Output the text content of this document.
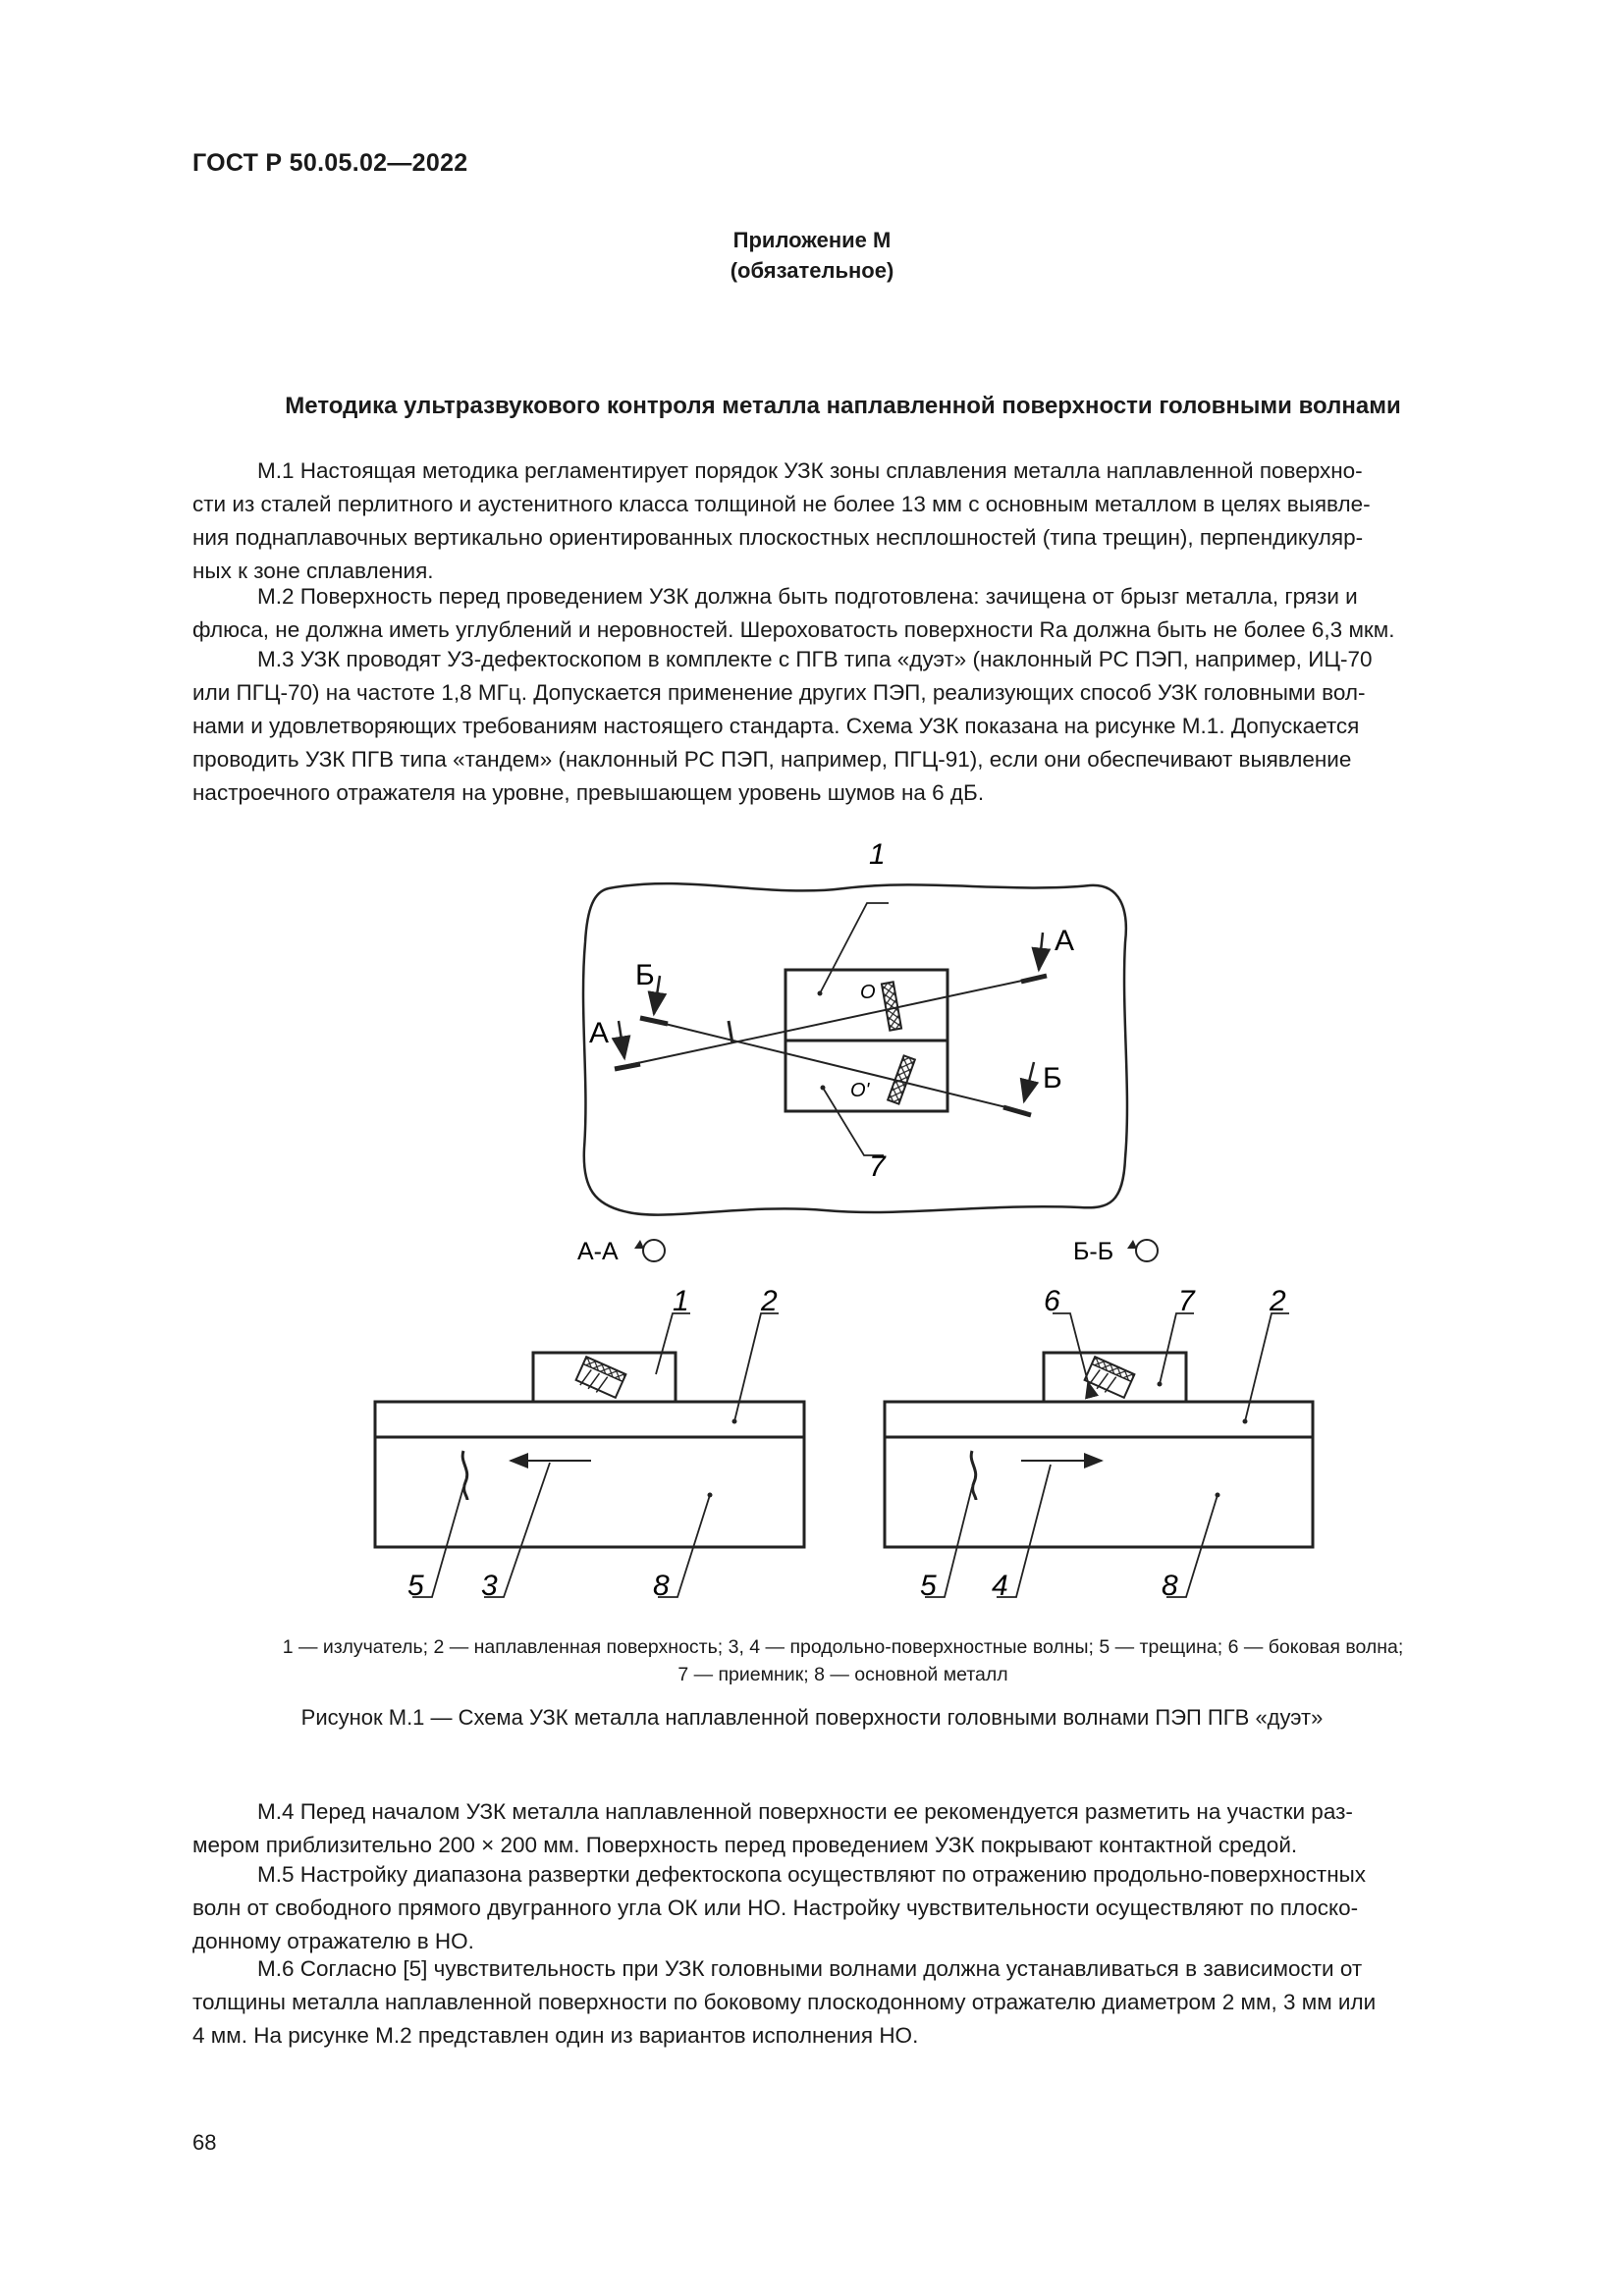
ГОСТ Р 50.05.02—2022
Приложение М
(обязательное)
Методика ультразвукового контроля металла наплавленной поверхности головными волнами
М.1 Настоящая методика регламентирует порядок УЗК зоны сплавления металла наплавленной поверхно-
сти из сталей перлитного и аустенитного класса толщиной не более 13 мм с основным металлом в целях выявле-
ния поднаплавочных вертикально ориентированных плоскостных несплошностей (типа трещин), перпендикуляр-
ных к зоне сплавления.
М.2 Поверхность перед проведением УЗК должна быть подготовлена: зачищена от брызг металла, грязи и
флюса, не должна иметь углублений и неровностей. Шероховатость поверхности Ra должна быть не более 6,3 мкм.
М.3 УЗК проводят УЗ-дефектоскопом в комплекте с ПГВ типа «дуэт» (наклонный РС ПЭП, например, ИЦ-70
или ПГЦ-70) на частоте 1,8 МГц. Допускается применение других ПЭП, реализующих способ УЗК головными вол-
нами и удовлетворяющих требованиям настоящего стандарта. Схема УЗК показана на рисунке М.1. Допускается
проводить УЗК ПГВ типа «тандем» (наклонный РС ПЭП, например, ПГЦ-91), если они обеспечивают выявление
настроечного отражателя на уровне, превышающем уровень шумов на 6 дБ.
1
7
А
А
Б
Б
О
О'
А-А	Б-Б
1 2
5 3	8
6	7	2
5 4	8
1 — излучатель; 2 — наплавленная поверхность; 3, 4 — продольно-поверхностные волны; 5 — трещина; 6 — боковая волна;
7 — приемник; 8 — основной металл
Рисунок М.1 — Схема УЗК металла наплавленной поверхности головными волнами ПЭП ПГВ «дуэт»
М.4 Перед началом УЗК металла наплавленной поверхности ее рекомендуется разметить на участки раз-
мером приблизительно 200 × 200 мм. Поверхность перед проведением УЗК покрывают контактной средой.
М.5 Настройку диапазона развертки дефектоскопа осуществляют по отражению продольно-поверхностных
волн от свободного прямого двугранного угла ОК или НО. Настройку чувствительности осуществляют по плоско-
донному отражателю в НО.
М.6 Согласно [5] чувствительность при УЗК головными волнами должна устанавливаться в зависимости от
толщины металла наплавленной поверхности по боковому плоскодонному отражателю диаметром 2 мм, 3 мм или
4 мм. На рисунке М.2 представлен один из вариантов исполнения НО.
68
